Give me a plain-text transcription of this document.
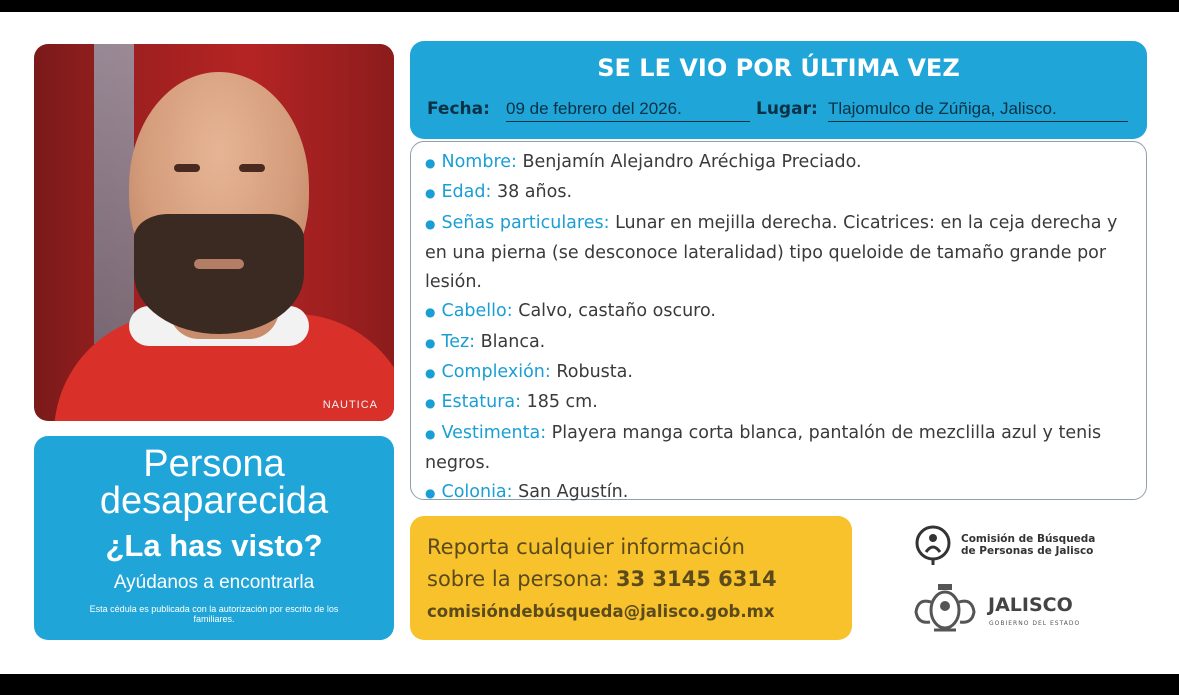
NAUTICA
Persona
desaparecida
¿La has visto?
Ayúdanos a encontrarla
Esta cédula es publicada con la autorización por escrito de los familiares.
SE LE VIO POR ÚLTIMA VEZ
Fecha: 09 de febrero del 2026.	Lugar: Tlajomulco de Zúñiga, Jalisco.
● Nombre: Benjamín Alejandro Aréchiga Preciado.
● Edad: 38 años.
● Señas particulares: Lunar en mejilla derecha. Cicatrices: en la ceja derecha y en una pierna (se desconoce lateralidad) tipo queloide de tamaño grande por lesión.
● Cabello: Calvo, castaño oscuro.
● Tez: Blanca.
● Complexión: Robusta.
● Estatura: 185 cm.
● Vestimenta: Playera manga corta blanca, pantalón de mezclilla azul y tenis negros.
● Colonia: San Agustín.
Reporta cualquier información
sobre la persona: 33 3145 6314
comisióndebúsqueda@jalisco.gob.mx
Comisión de Búsqueda
de Personas de Jalisco
JALISCO
GOBIERNO DEL ESTADO
